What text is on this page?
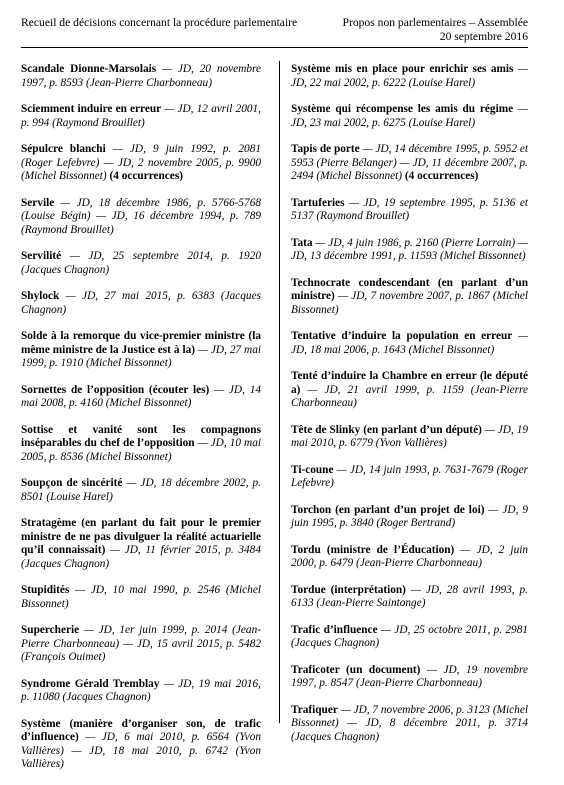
Recueil de décisions concernant la procédure parlementaire	Propos non parlementaires – Assemblée
20 septembre 2016

Scandale Dionne-Marsolais — JD, 20 novembre 1997, p. 8593 (Jean-Pierre Charbonneau)

Sciemment induire en erreur — JD, 12 avril 2001, p. 994 (Raymond Brouillet)

Sépulcre blanchi — JD, 9 juin 1992, p. 2081 (Roger Lefebvre) — JD, 2 novembre 2005, p. 9900 (Michel Bissonnet) (4 occurrences)

Servile — JD, 18 décembre 1986, p. 5766-5768 (Louise Bégin) — JD, 16 décembre 1994, p. 789 (Raymond Brouillet)

Servilité — JD, 25 septembre 2014, p. 1920 (Jacques Chagnon)

Shylock — JD, 27 mai 2015, p. 6383 (Jacques Chagnon)

Solde à la remorque du vice-premier ministre (la même ministre de la Justice est à la) — JD, 27 mai 1999, p. 1910 (Michel Bissonnet)

Sornettes de l’opposition (écouter les) — JD, 14 mai 2008, p. 4160 (Michel Bissonnet)

Sottise et vanité sont les compagnons inséparables du chef de l’opposition — JD, 10 mai 2005, p. 8536 (Michel Bissonnet)

Soupçon de sincérité — JD, 18 décembre 2002, p. 8501 (Louise Harel)

Stratagème (en parlant du fait pour le premier ministre de ne pas divulguer la réalité actuarielle qu’il connaissait) — JD, 11 février 2015, p. 3484 (Jacques Chagnon)

Stupidités — JD, 10 mai 1990, p. 2546 (Michel Bissonnet)

Supercherie — JD, 1er juin 1999, p. 2014 (Jean-Pierre Charbonneau) — JD, 15 avril 2015, p. 5482 (François Ouimet)

Syndrome Gérald Tremblay — JD, 19 mai 2016, p. 11080 (Jacques Chagnon)

Système (manière d’organiser son, de trafic d’influence) — JD, 6 mai 2010, p. 6564 (Yvon Vallières) — JD, 18 mai 2010, p. 6742 (Yvon Vallières)

Système mis en place pour enrichir ses amis — JD, 22 mai 2002, p. 6222 (Louise Harel)

Système qui récompense les amis du régime — JD, 23 mai 2002, p. 6275 (Louise Harel)

Tapis de porte — JD, 14 décembre 1995, p. 5952 et 5953 (Pierre Bélanger) — JD, 11 décembre 2007, p. 2494 (Michel Bissonnet) (4 occurrences)

Tartuferies — JD, 19 septembre 1995, p. 5136 et 5137 (Raymond Brouillet)

Tata — JD, 4 juin 1986, p. 2160 (Pierre Lorrain) — JD, 13 décembre 1991, p. 11593 (Michel Bissonnet)

Technocrate condescendant (en parlant d’un ministre) — JD, 7 novembre 2007, p. 1867 (Michel Bissonnet)

Tentative d’induire la population en erreur — JD, 18 mai 2006, p. 1643 (Michel Bissonnet)

Tenté d’induire la Chambre en erreur (le député a) — JD, 21 avril 1999, p. 1159 (Jean-Pierre Charbonneau)

Tête de Slinky (en parlant d’un député) — JD, 19 mai 2010, p. 6779 (Yvon Vallières)

Ti-coune — JD, 14 juin 1993, p. 7631-7679 (Roger Lefebvre)

Torchon (en parlant d’un projet de loi) — JD, 9 juin 1995, p. 3840 (Roger Bertrand)

Tordu (ministre de l’Éducation) — JD, 2 juin 2000, p. 6479 (Jean-Pierre Charbonneau)

Tordue (interprétation) — JD, 28 avril 1993, p. 6133 (Jean-Pierre Saintonge)

Trafic d’influence — JD, 25 octobre 2011, p. 2981 (Jacques Chagnon)

Traficoter (un document) — JD, 19 novembre 1997, p. 8547 (Jean-Pierre Charbonneau)

Trafiquer — JD, 7 novembre 2006, p. 3123 (Michel Bissonnet) — JD, 8 décembre 2011, p. 3714 (Jacques Chagnon)
